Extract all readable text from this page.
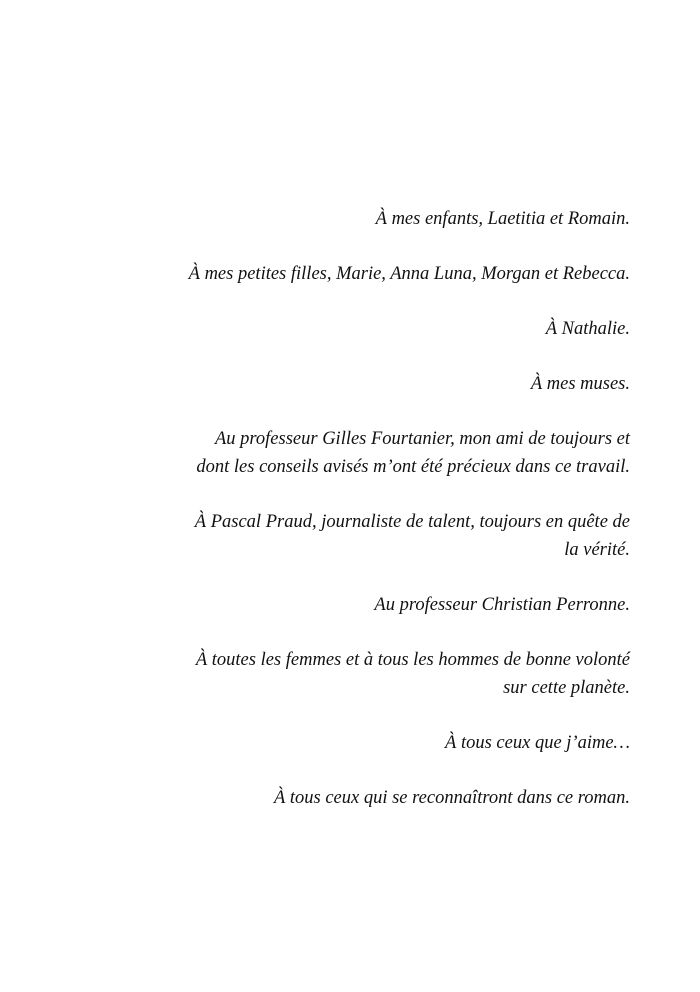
À mes enfants, Laetitia et Romain.

À mes petites filles, Marie, Anna Luna, Morgan et Rebecca.

À Nathalie.

À mes muses.

Au professeur Gilles Fourtanier, mon ami de toujours et
dont les conseils avisés m’ont été précieux dans ce travail.

À Pascal Praud, journaliste de talent, toujours en quête de
la vérité.

Au professeur Christian Perronne.

À toutes les femmes et à tous les hommes de bonne volonté
sur cette planète.

À tous ceux que j’aime…

À tous ceux qui se reconnaîtront dans ce roman.
